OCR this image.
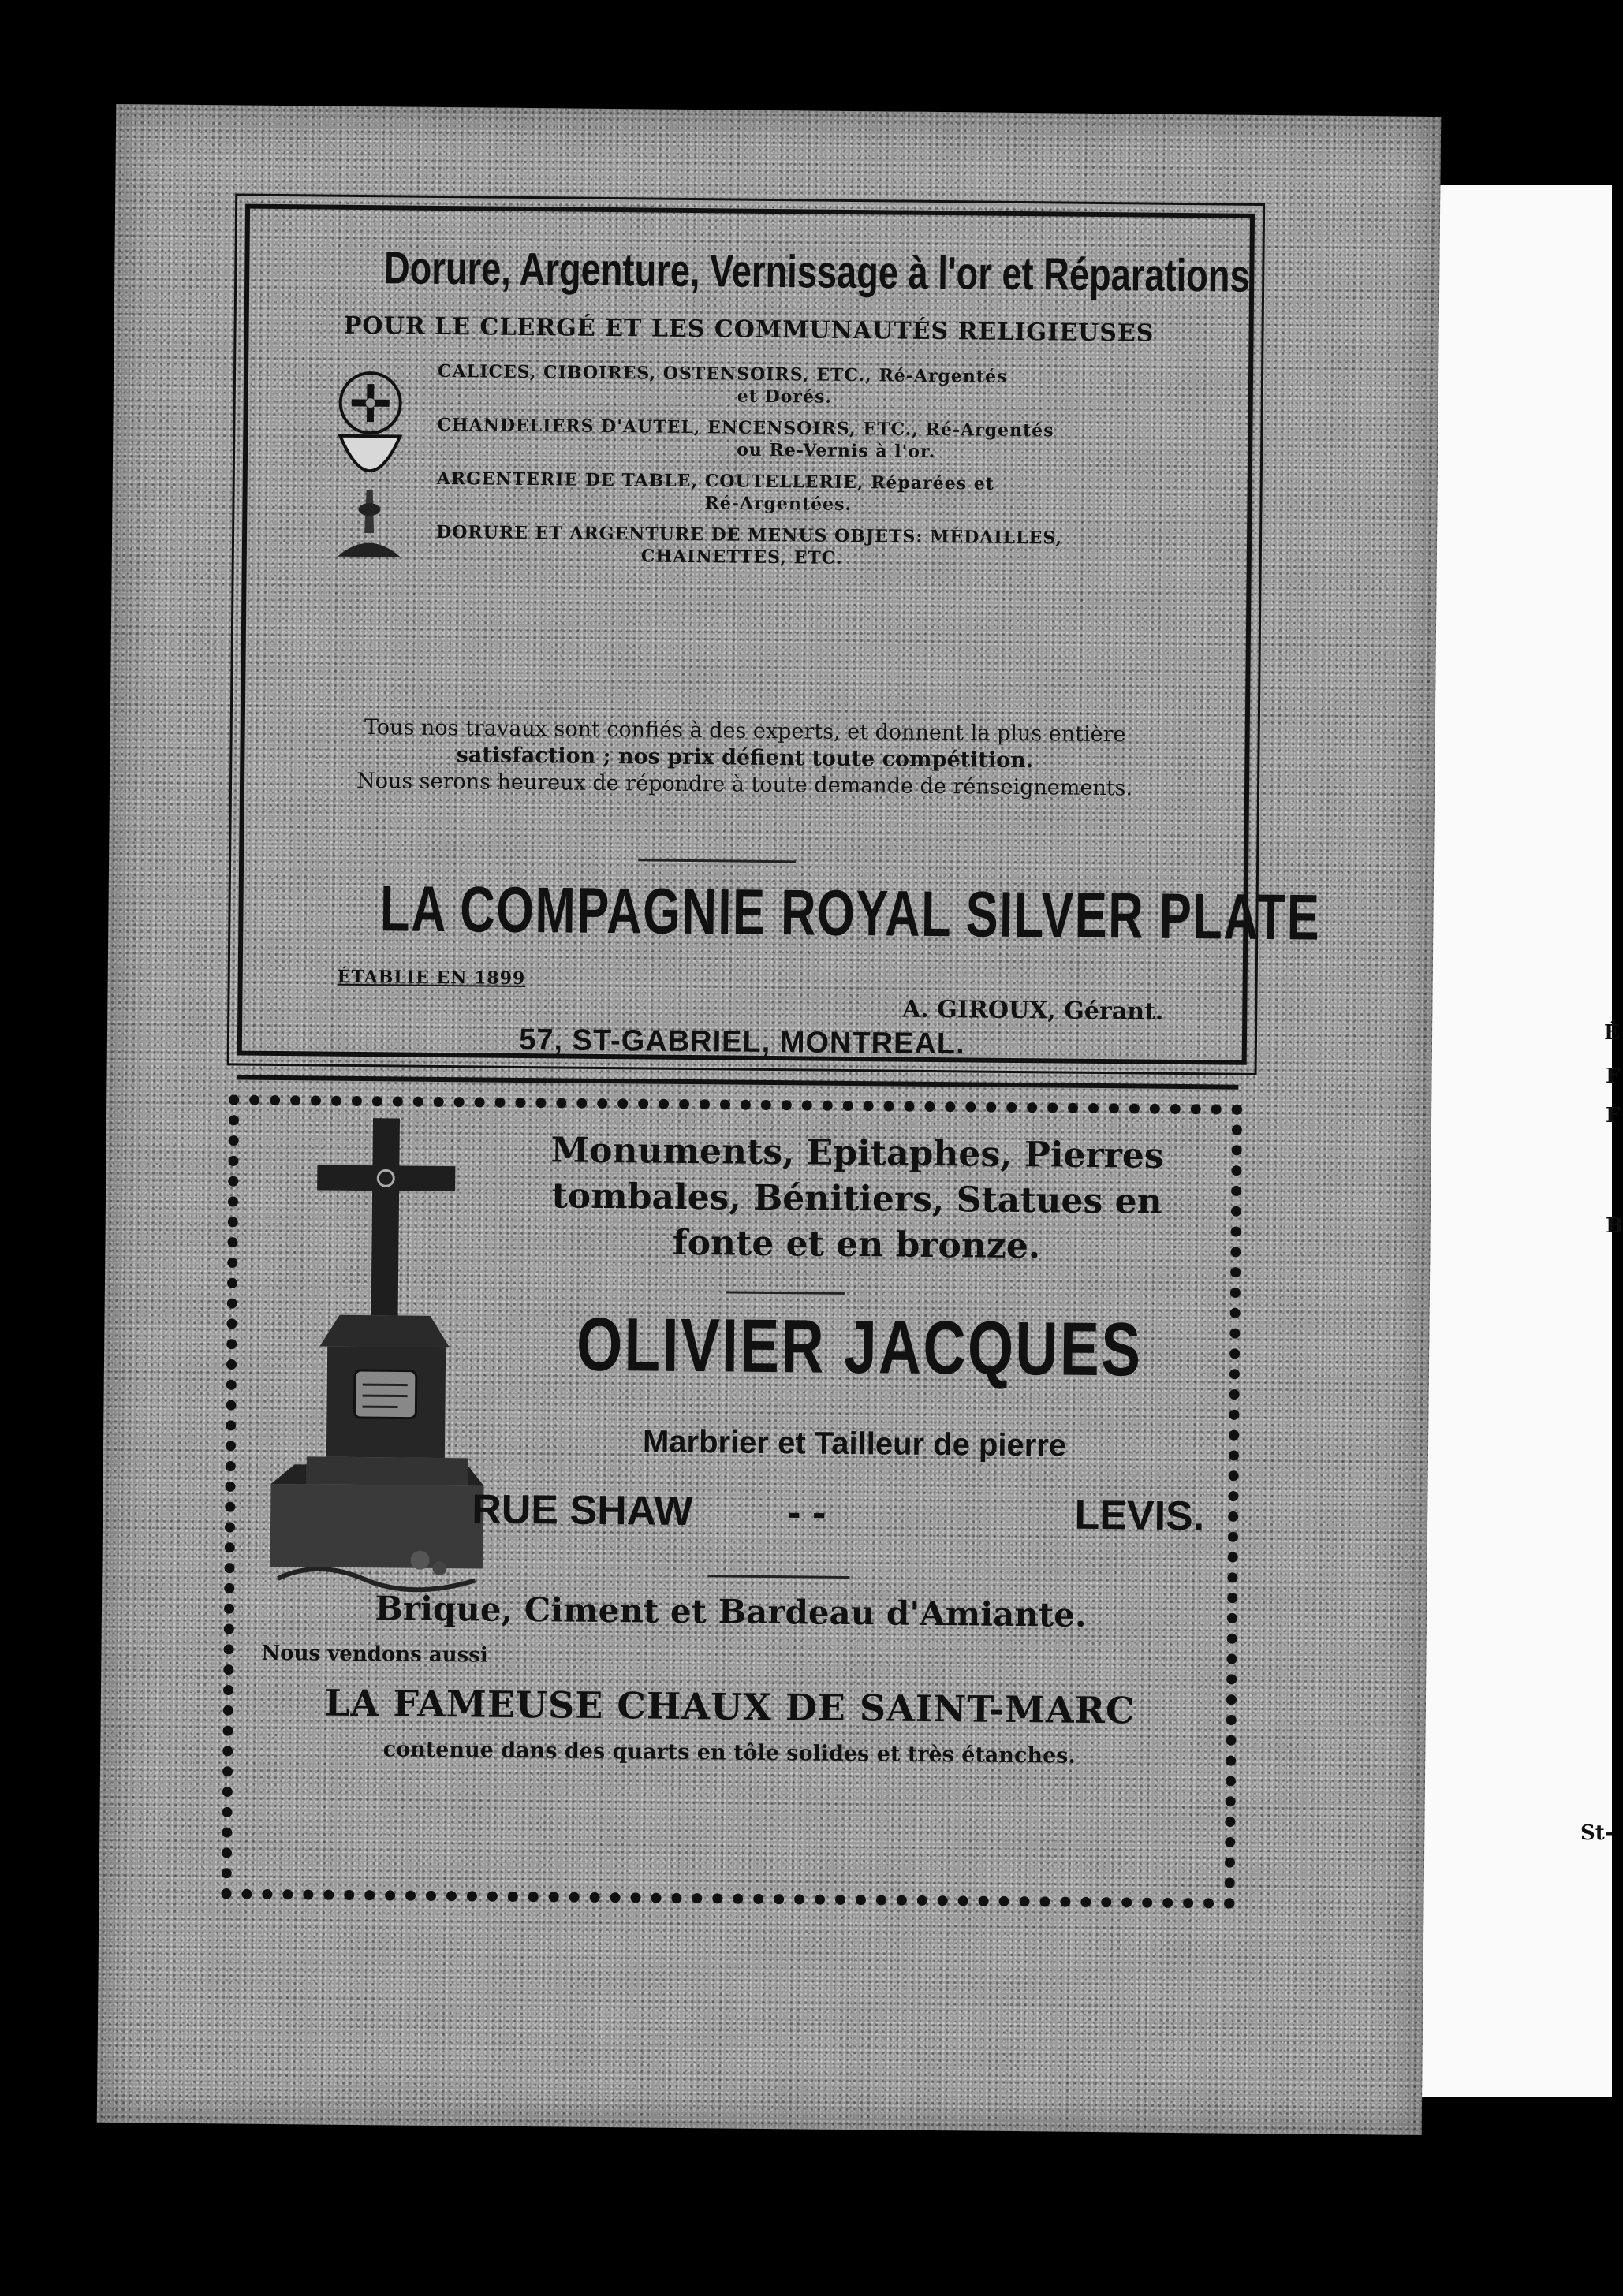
É
F
F
B
St-
Dorure, Argenture, Vernissage à l'or et Réparations
POUR LE CLERGÉ ET LES COMMUNAUTÉS RELIGIEUSES
CALICES, CIBOIRES, OSTENSOIRS, ETC., Ré-Argentés
et Dorés.
CHANDELIERS D'AUTEL, ENCENSOIRS, ETC., Ré-Argentés
ou Re-Vernis à l'or.
ARGENTERIE DE TABLE, COUTELLERIE, Réparées et
Ré-Argentées.
DORURE ET ARGENTURE DE MENUS OBJETS: MÉDAILLES,
CHAINETTES, ETC.
Tous nos travaux sont confiés à des experts, et donnent la plus entière
satisfaction ; nos prix défient toute compétition.
Nous serons heureux de répondre à toute demande de rénseignements.
LA COMPAGNIE ROYAL SILVER PLATE
ÉTABLIE EN 1899
A. GIROUX, Gérant.
57, ST-GABRIEL, MONTREAL.
Monuments, Epitaphes, Pierres
tombales, Bénitiers, Statues en
fonte et en bronze.
OLIVIER JACQUES
Marbrier et Tailleur de pierre
RUE SHAW - -	LEVIS.
Brique, Ciment et Bardeau d'Amiante.
Nous vendons aussi
LA FAMEUSE CHAUX DE SAINT-MARC
contenue dans des quarts en tôle solides et très étanches.
